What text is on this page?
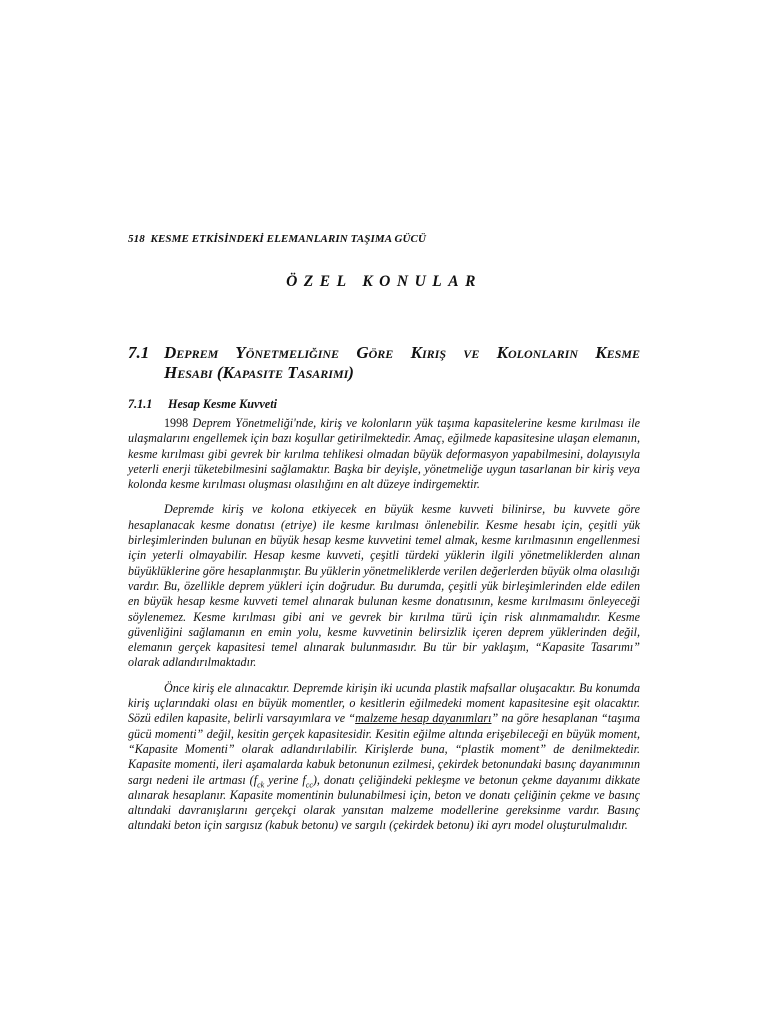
518 KESME ETKİSİNDEKİ ELEMANLARIN TAŞIMA GÜCÜ
ÖZEL KONULAR
7.1 Deprem Yönetmeliğine Göre Kiriş ve Kolonların Kesme
Hesabı (Kapasite Tasarımı)
7.1.1 Hesap Kesme Kuvveti

1998 Deprem Yönetmeliği'nde, kiriş ve kolonların yük taşıma kapasitelerine kesme kırılması ile ulaşmalarını engellemek için bazı koşullar getirilmektedir. Amaç, eğilmede kapasitesine ulaşan elemanın, kesme kırılması gibi gevrek bir kırılma tehlikesi olmadan büyük deformasyon yapabilmesini, dolayısıyla yeterli enerji tüketebilmesini sağlamaktır. Başka bir deyişle, yönetmeliğe uygun tasarlanan bir kiriş veya kolonda kesme kırılması oluşması olasılığını en alt düzeye indirgemektir.

Depremde kiriş ve kolona etkiyecek en büyük kesme kuvveti bilinirse, bu kuvvete göre hesaplanacak kesme donatısı (etriye) ile kesme kırılması önlenebilir. Kesme hesabı için, çeşitli yük birleşimlerinden bulunan en büyük hesap kesme kuvvetini temel almak, kesme kırılmasının engellenmesi için yeterli olmayabilir. Hesap kesme kuvveti, çeşitli türdeki yüklerin ilgili yönetmeliklerden alınan büyüklüklerine göre hesaplanmıştır. Bu yüklerin yönetmeliklerde verilen değerlerden büyük olma olasılığı vardır. Bu, özellikle deprem yükleri için doğrudur. Bu durumda, çeşitli yük birleşimlerinden elde edilen en büyük hesap kesme kuvveti temel alınarak bulunan kesme donatısının, kesme kırılmasını önleyeceği söylenemez. Kesme kırılması gibi ani ve gevrek bir kırılma türü için risk alınmamalıdır. Kesme güvenliğini sağlamanın en emin yolu, kesme kuvvetinin belirsizlik içeren deprem yüklerinden değil, elemanın gerçek kapasitesi temel alınarak bulunmasıdır. Bu tür bir yaklaşım, “Kapasite Tasarımı” olarak adlandırılmaktadır.

Önce kiriş ele alınacaktır. Depremde kirişin iki ucunda plastik mafsallar oluşacaktır. Bu konumda kiriş uçlarındaki olası en büyük momentler, o kesitlerin eğilmedeki moment kapasitesine eşit olacaktır. Sözü edilen kapasite, belirli varsayımlara ve “malzeme hesap dayanımları” na göre hesaplanan “taşıma gücü momenti” değil, kesitin gerçek kapasitesidir. Kesitin eğilme altında erişebileceği en büyük moment, “Kapasite Momenti” olarak adlandırılabilir. Kirişlerde buna, “plastik moment” de denilmektedir. Kapasite momenti, ileri aşamalarda kabuk betonunun ezilmesi, çekirdek betonundaki basınç dayanımının sargı nedeni ile artması ($f_{ck}$ yerine $f_{cc}$), donatı çeliğindeki pekleşme ve betonun çekme dayanımı dikkate alınarak hesaplanır. Kapasite momentinin bulunabilmesi için, beton ve donatı çeliğinin çekme ve basınç altındaki davranışlarını gerçekçi olarak yansıtan malzeme modellerine gereksinme vardır. Basınç altındaki beton için sargısız (kabuk betonu) ve sargılı (çekirdek betonu) iki ayrı model oluşturulmalıdır.
